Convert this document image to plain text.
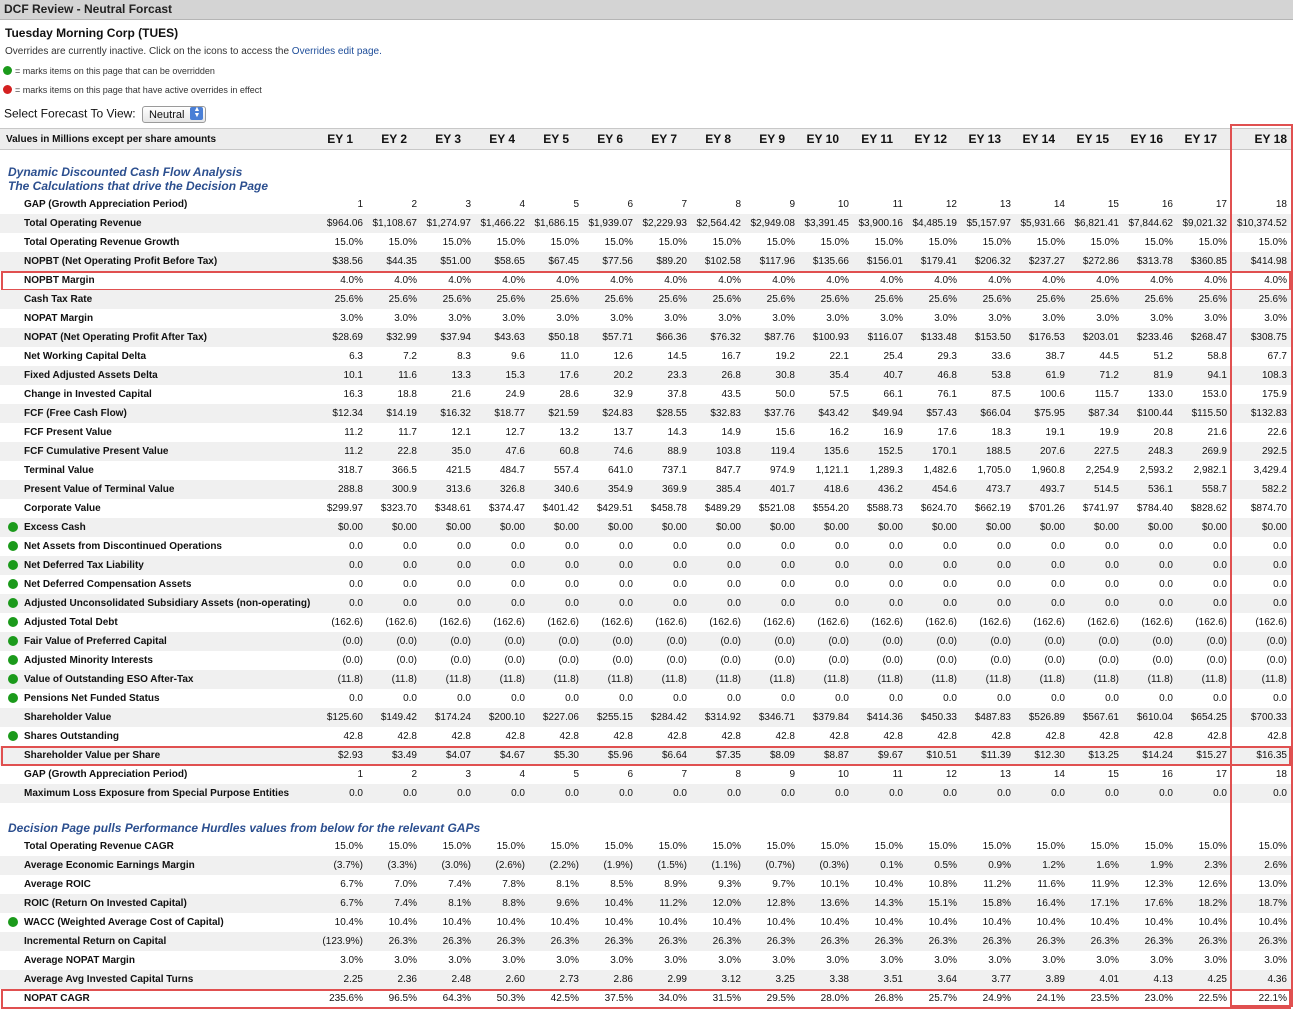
DCF Review - Neutral Forcast
Tuesday Morning Corp (TUES)
Overrides are currently inactive. Click on the icons to access the Overrides edit page.
= marks items on this page that can be overridden
= marks items on this page that have active overrides in effect
Select Forecast To View: Neutral ▲
▼
Values in Millions except per share amounts	EY 1 EY 2 EY 3 EY 4 EY 5 EY 6 EY 7 EY 8 EY 9 EY 10 EY 11 EY 12 EY 13 EY 14 EY 15 EY 16 EY 17	EY 18
Dynamic Discounted Cash Flow Analysis
The Calculations that drive the Decision Page
GAP (Growth Appreciation Period)	1	2	3	4	5	6	7	8	9	10	11	12	13	14	15	16	17	18
Total Operating Revenue	$964.06 $1,108.67 $1,274.97 $1,466.22 $1,686.15 $1,939.07 $2,229.93 $2,564.42 $2,949.08 $3,391.45 $3,900.16 $4,485.19 $5,157.97 $5,931.66 $6,821.41 $7,844.62 $9,021.32 $10,374.52
Total Operating Revenue Growth	15.0%	15.0%	15.0%	15.0%	15.0%	15.0%	15.0%	15.0%	15.0%	15.0%	15.0%	15.0%	15.0%	15.0%	15.0%	15.0%	15.0%	15.0%
NOPBT (Net Operating Profit Before Tax)	$38.56 $44.35 $51.00 $58.65 $67.45 $77.56 $89.20 $102.58 $117.96 $135.66 $156.01 $179.41 $206.32 $237.27 $272.86 $313.78 $360.85 $414.98
NOPBT Margin	4.0%	4.0%	4.0%	4.0%	4.0%	4.0%	4.0%	4.0%	4.0%	4.0%	4.0%	4.0%	4.0%	4.0%	4.0%	4.0%	4.0%	4.0%
Cash Tax Rate	25.6%	25.6%	25.6%	25.6%	25.6%	25.6%	25.6%	25.6%	25.6%	25.6%	25.6%	25.6%	25.6%	25.6%	25.6%	25.6%	25.6%	25.6%
NOPAT Margin	3.0%	3.0%	3.0%	3.0%	3.0%	3.0%	3.0%	3.0%	3.0%	3.0%	3.0%	3.0%	3.0%	3.0%	3.0%	3.0%	3.0%	3.0%
NOPAT (Net Operating Profit After Tax)	$28.69 $32.99 $37.94 $43.63 $50.18 $57.71 $66.36 $76.32 $87.76 $100.93 $116.07 $133.48 $153.50 $176.53 $203.01 $233.46 $268.47 $308.75
Net Working Capital Delta	6.3	7.2	8.3	9.6	11.0	12.6	14.5	16.7	19.2	22.1	25.4	29.3	33.6	38.7	44.5	51.2	58.8	67.7
Fixed Adjusted Assets Delta	10.1	11.6	13.3	15.3	17.6	20.2	23.3	26.8	30.8	35.4	40.7	46.8	53.8	61.9	71.2	81.9	94.1	108.3
Change in Invested Capital	16.3	18.8	21.6	24.9	28.6	32.9	37.8	43.5	50.0	57.5	66.1	76.1	87.5	100.6	115.7	133.0	153.0	175.9
FCF (Free Cash Flow)	$12.34 $14.19 $16.32 $18.77 $21.59 $24.83 $28.55 $32.83 $37.76 $43.42 $49.94 $57.43 $66.04 $75.95 $87.34 $100.44 $115.50 $132.83
FCF Present Value	11.2	11.7	12.1	12.7	13.2	13.7	14.3	14.9	15.6	16.2	16.9	17.6	18.3	19.1	19.9	20.8	21.6	22.6
FCF Cumulative Present Value	11.2	22.8	35.0	47.6	60.8	74.6	88.9	103.8	119.4	135.6	152.5	170.1	188.5	207.6	227.5	248.3	269.9	292.5
Terminal Value	318.7	366.5	421.5	484.7	557.4	641.0	737.1	847.7	974.9 1,121.1 1,289.3 1,482.6 1,705.0 1,960.8 2,254.9 2,593.2 2,982.1	3,429.4
Present Value of Terminal Value	288.8	300.9	313.6	326.8	340.6	354.9	369.9	385.4	401.7	418.6	436.2	454.6	473.7	493.7	514.5	536.1	558.7	582.2
Corporate Value	$299.97 $323.70 $348.61 $374.47 $401.42 $429.51 $458.78 $489.29 $521.08 $554.20 $588.73 $624.70 $662.19 $701.26 $741.97 $784.40 $828.62 $874.70
Excess Cash	$0.00	$0.00	$0.00	$0.00	$0.00	$0.00	$0.00	$0.00	$0.00	$0.00	$0.00	$0.00	$0.00	$0.00	$0.00	$0.00	$0.00	$0.00
Net Assets from Discontinued Operations	0.0	0.0	0.0	0.0	0.0	0.0	0.0	0.0	0.0	0.0	0.0	0.0	0.0	0.0	0.0	0.0	0.0	0.0
Net Deferred Tax Liability	0.0	0.0	0.0	0.0	0.0	0.0	0.0	0.0	0.0	0.0	0.0	0.0	0.0	0.0	0.0	0.0	0.0	0.0
Net Deferred Compensation Assets	0.0	0.0	0.0	0.0	0.0	0.0	0.0	0.0	0.0	0.0	0.0	0.0	0.0	0.0	0.0	0.0	0.0	0.0
Adjusted Unconsolidated Subsidiary Assets (non-operating)	0.0	0.0	0.0	0.0	0.0	0.0	0.0	0.0	0.0	0.0	0.0	0.0	0.0	0.0	0.0	0.0	0.0	0.0
Adjusted Total Debt	(162.6) (162.6) (162.6) (162.6) (162.6) (162.6) (162.6) (162.6) (162.6) (162.6) (162.6) (162.6) (162.6) (162.6) (162.6) (162.6) (162.6)	(162.6)
Fair Value of Preferred Capital	(0.0)	(0.0)	(0.0)	(0.0)	(0.0)	(0.0)	(0.0)	(0.0)	(0.0)	(0.0)	(0.0)	(0.0)	(0.0)	(0.0)	(0.0)	(0.0)	(0.0)	(0.0)
Adjusted Minority Interests	(0.0)	(0.0)	(0.0)	(0.0)	(0.0)	(0.0)	(0.0)	(0.0)	(0.0)	(0.0)	(0.0)	(0.0)	(0.0)	(0.0)	(0.0)	(0.0)	(0.0)	(0.0)
Value of Outstanding ESO After-Tax	(11.8)	(11.8)	(11.8)	(11.8)	(11.8)	(11.8)	(11.8)	(11.8)	(11.8)	(11.8)	(11.8)	(11.8)	(11.8)	(11.8)	(11.8)	(11.8)	(11.8)	(11.8)
Pensions Net Funded Status	0.0	0.0	0.0	0.0	0.0	0.0	0.0	0.0	0.0	0.0	0.0	0.0	0.0	0.0	0.0	0.0	0.0	0.0
Shareholder Value	$125.60 $149.42 $174.24 $200.10 $227.06 $255.15 $284.42 $314.92 $346.71 $379.84 $414.36 $450.33 $487.83 $526.89 $567.61 $610.04 $654.25 $700.33
Shares Outstanding	42.8	42.8	42.8	42.8	42.8	42.8	42.8	42.8	42.8	42.8	42.8	42.8	42.8	42.8	42.8	42.8	42.8	42.8
Shareholder Value per Share	$2.93	$3.49	$4.07	$4.67	$5.30	$5.96	$6.64	$7.35	$8.09	$8.87	$9.67 $10.51 $11.39 $12.30 $13.25 $14.24 $15.27	$16.35
GAP (Growth Appreciation Period)	1	2	3	4	5	6	7	8	9	10	11	12	13	14	15	16	17	18
Maximum Loss Exposure from Special Purpose Entities	0.0	0.0	0.0	0.0	0.0	0.0	0.0	0.0	0.0	0.0	0.0	0.0	0.0	0.0	0.0	0.0	0.0	0.0
Decision Page pulls Performance Hurdles values from below for the relevant GAPs
Total Operating Revenue CAGR	15.0%	15.0%	15.0%	15.0%	15.0%	15.0%	15.0%	15.0%	15.0%	15.0%	15.0%	15.0%	15.0%	15.0%	15.0%	15.0%	15.0%	15.0%
Average Economic Earnings Margin	(3.7%) (3.3%) (3.0%) (2.6%) (2.2%) (1.9%) (1.5%) (1.1%) (0.7%) (0.3%)	0.1%	0.5%	0.9%	1.2%	1.6%	1.9%	2.3%	2.6%
Average ROIC	6.7%	7.0%	7.4%	7.8%	8.1%	8.5%	8.9%	9.3%	9.7%	10.1%	10.4%	10.8%	11.2%	11.6%	11.9%	12.3%	12.6%	13.0%
ROIC (Return On Invested Capital)	6.7%	7.4%	8.1%	8.8%	9.6%	10.4%	11.2%	12.0%	12.8%	13.6%	14.3%	15.1%	15.8%	16.4%	17.1%	17.6%	18.2%	18.7%
WACC (Weighted Average Cost of Capital)	10.4%	10.4%	10.4%	10.4%	10.4%	10.4%	10.4%	10.4%	10.4%	10.4%	10.4%	10.4%	10.4%	10.4%	10.4%	10.4%	10.4%	10.4%
Incremental Return on Capital	(123.9%)	26.3%	26.3%	26.3%	26.3%	26.3%	26.3%	26.3%	26.3%	26.3%	26.3%	26.3%	26.3%	26.3%	26.3%	26.3%	26.3%	26.3%
Average NOPAT Margin	3.0%	3.0%	3.0%	3.0%	3.0%	3.0%	3.0%	3.0%	3.0%	3.0%	3.0%	3.0%	3.0%	3.0%	3.0%	3.0%	3.0%	3.0%
Average Avg Invested Capital Turns	2.25	2.36	2.48	2.60	2.73	2.86	2.99	3.12	3.25	3.38	3.51	3.64	3.77	3.89	4.01	4.13	4.25	4.36
NOPAT CAGR	235.6%	96.5%	64.3%	50.3%	42.5%	37.5%	34.0%	31.5%	29.5%	28.0%	26.8%	25.7%	24.9%	24.1%	23.5%	23.0%	22.5%	22.1%
